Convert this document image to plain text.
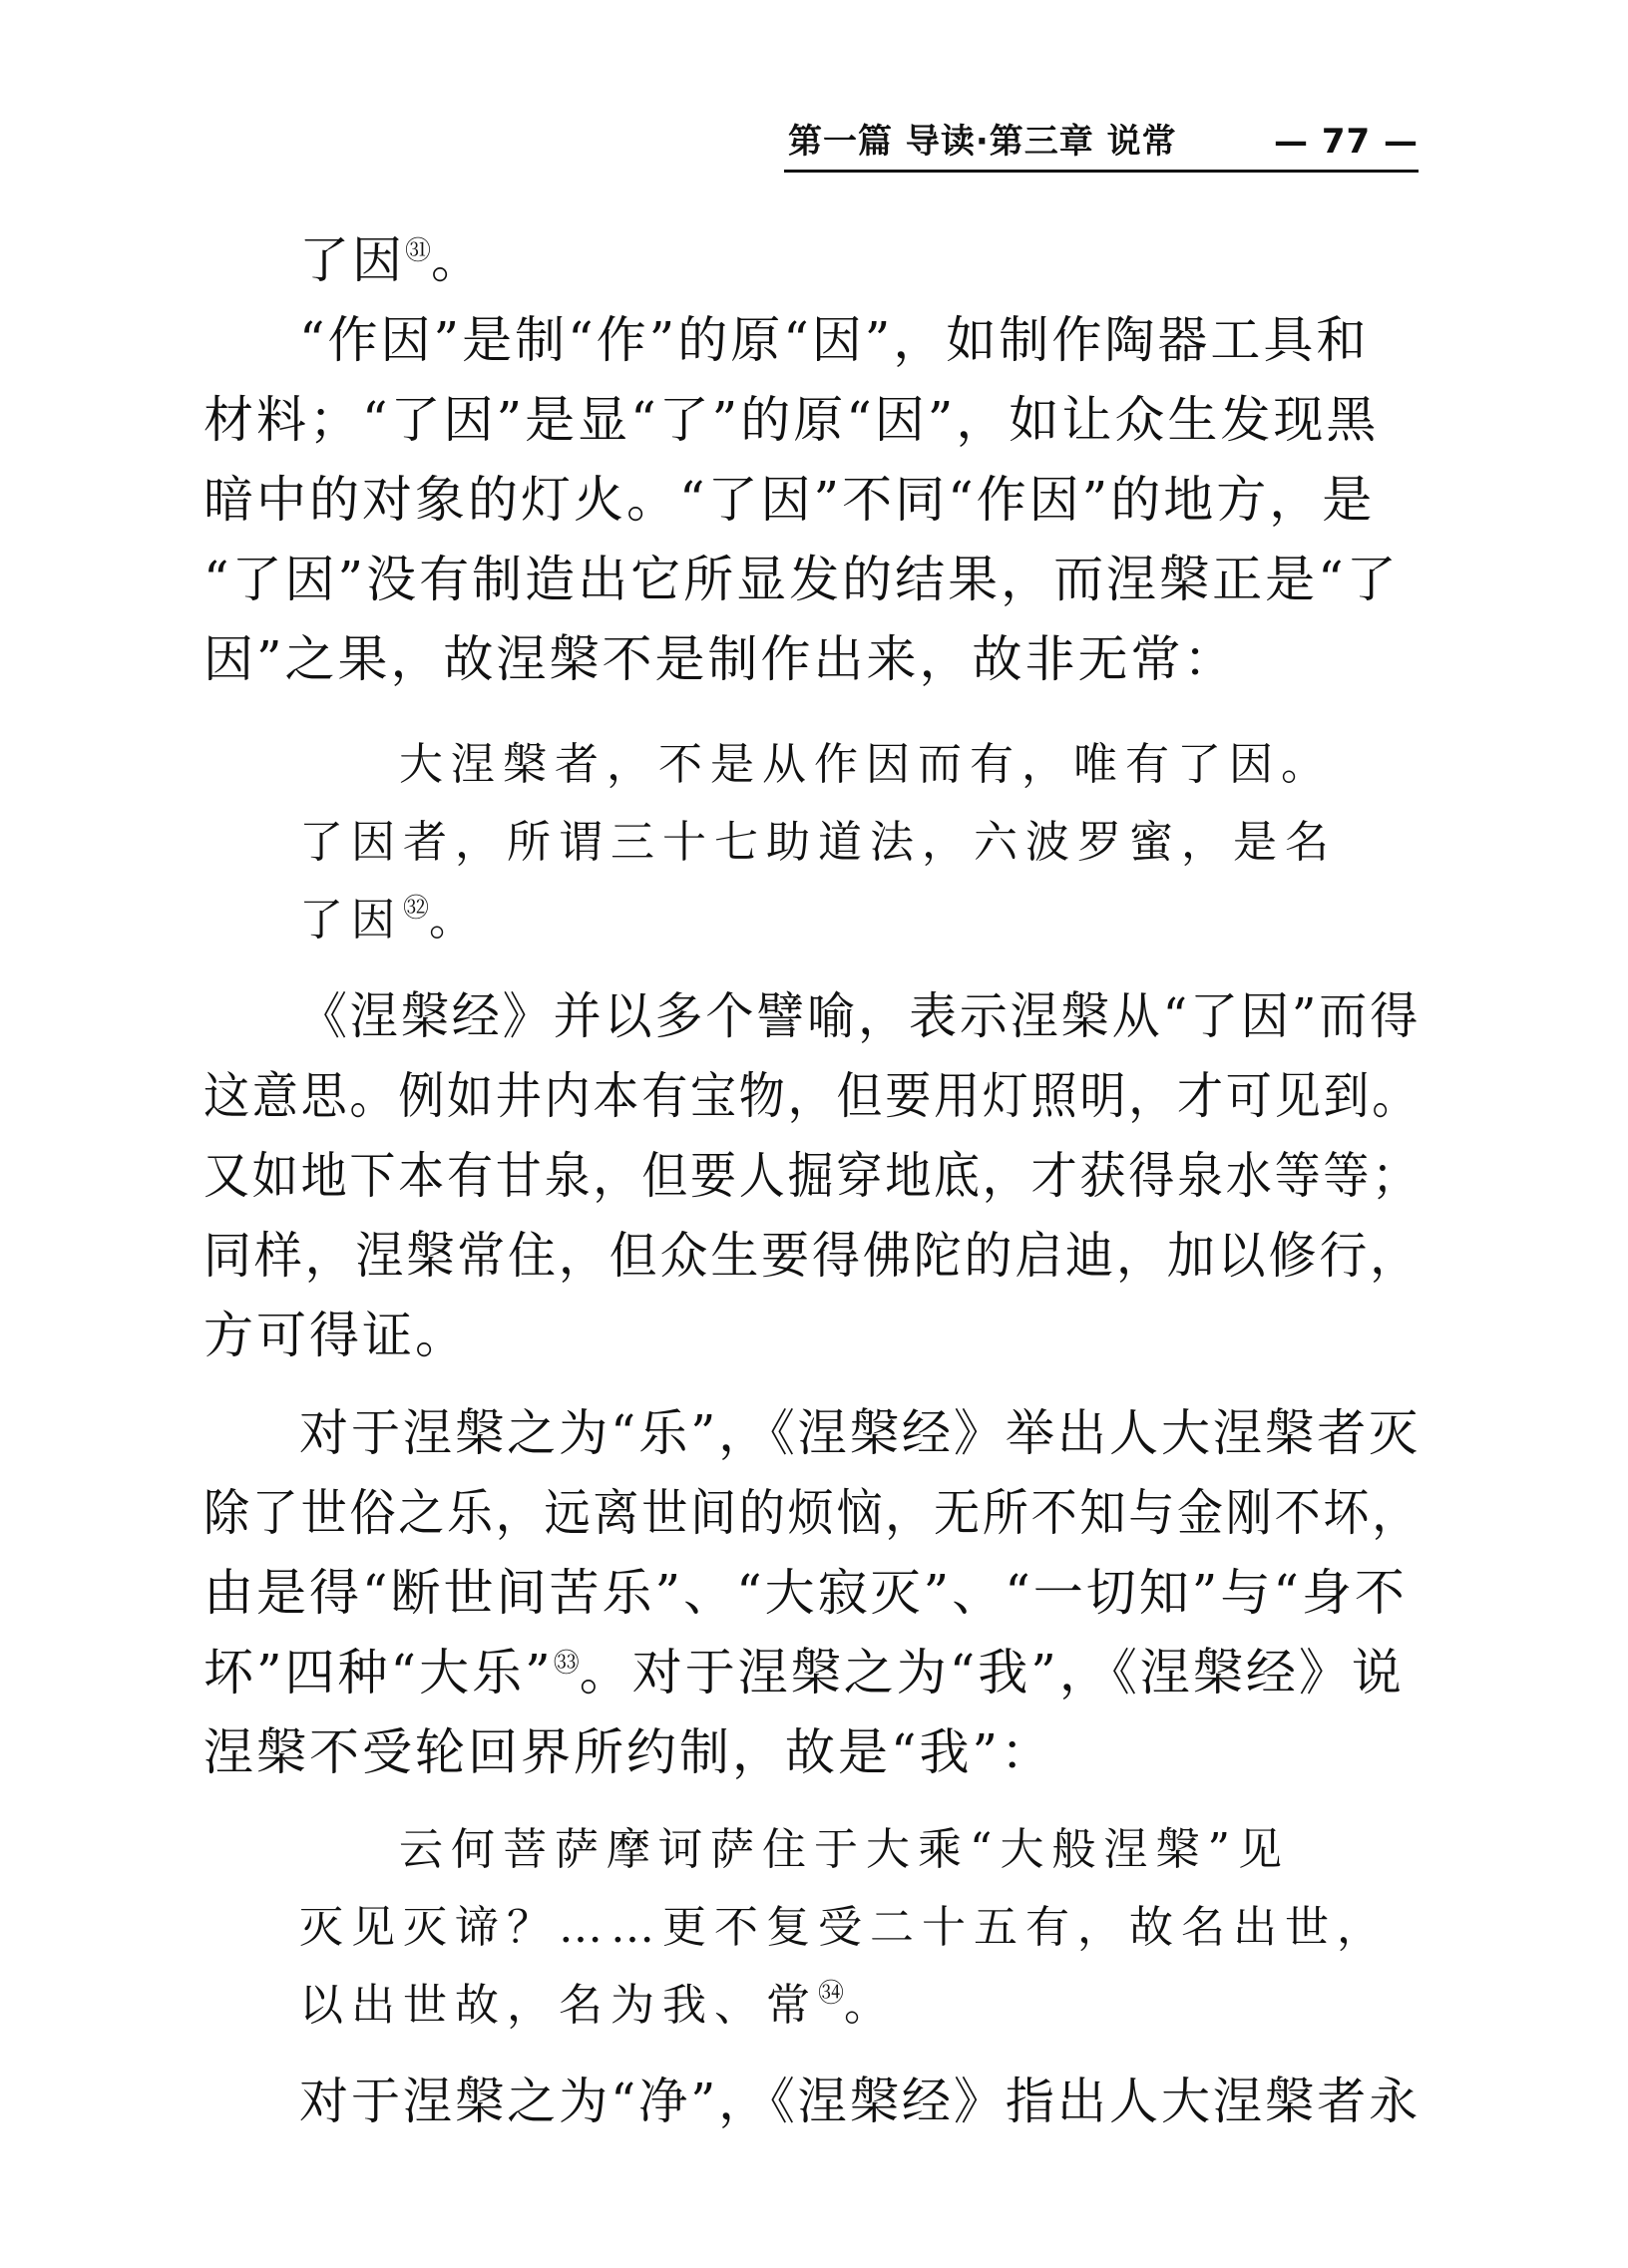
第一篇 导读·第三章 说常	— 77 —
了因$^㉛$。
“作因”是制“作”的原“因”，如制作陶器工具和
材料；“了因”是显“了”的原“因”，如让众生发现黑
暗中的对象的灯火。“了因”不同“作因”的地方，是
“了因”没有制造出它所显发的结果，而涅槃正是“了
因”之果，故涅槃不是制作出来，故非无常：
大涅槃者，不是从作因而有，唯有了因。
了因者，所谓三十七助道法，六波罗蜜，是名
了因$^㉜$。
《涅槃经》并以多个譬喻，表示涅槃从“了因”而得
这意思。例如井内本有宝物，但要用灯照明，才可见到。
又如地下本有甘泉，但要人掘穿地底，才获得泉水等等；
同样，涅槃常住，但众生要得佛陀的启迪，加以修行，
方可得证。
对于涅槃之为“乐”，《涅槃经》举出人大涅槃者灭
除了世俗之乐，远离世间的烦恼，无所不知与金刚不坏，
由是得“断世间苦乐”、“大寂灭”、“一切知”与“身不
坏”四种“大乐”$^㉝$。对于涅槃之为“我”，《涅槃经》说
涅槃不受轮回界所约制，故是“我”：
云何菩萨摩诃萨住于大乘“大般涅槃”见
灭见灭谛？……更不复受二十五有，故名出世，
以出世故，名为我、常$^㉞$。
对于涅槃之为“净”，《涅槃经》指出人大涅槃者永
